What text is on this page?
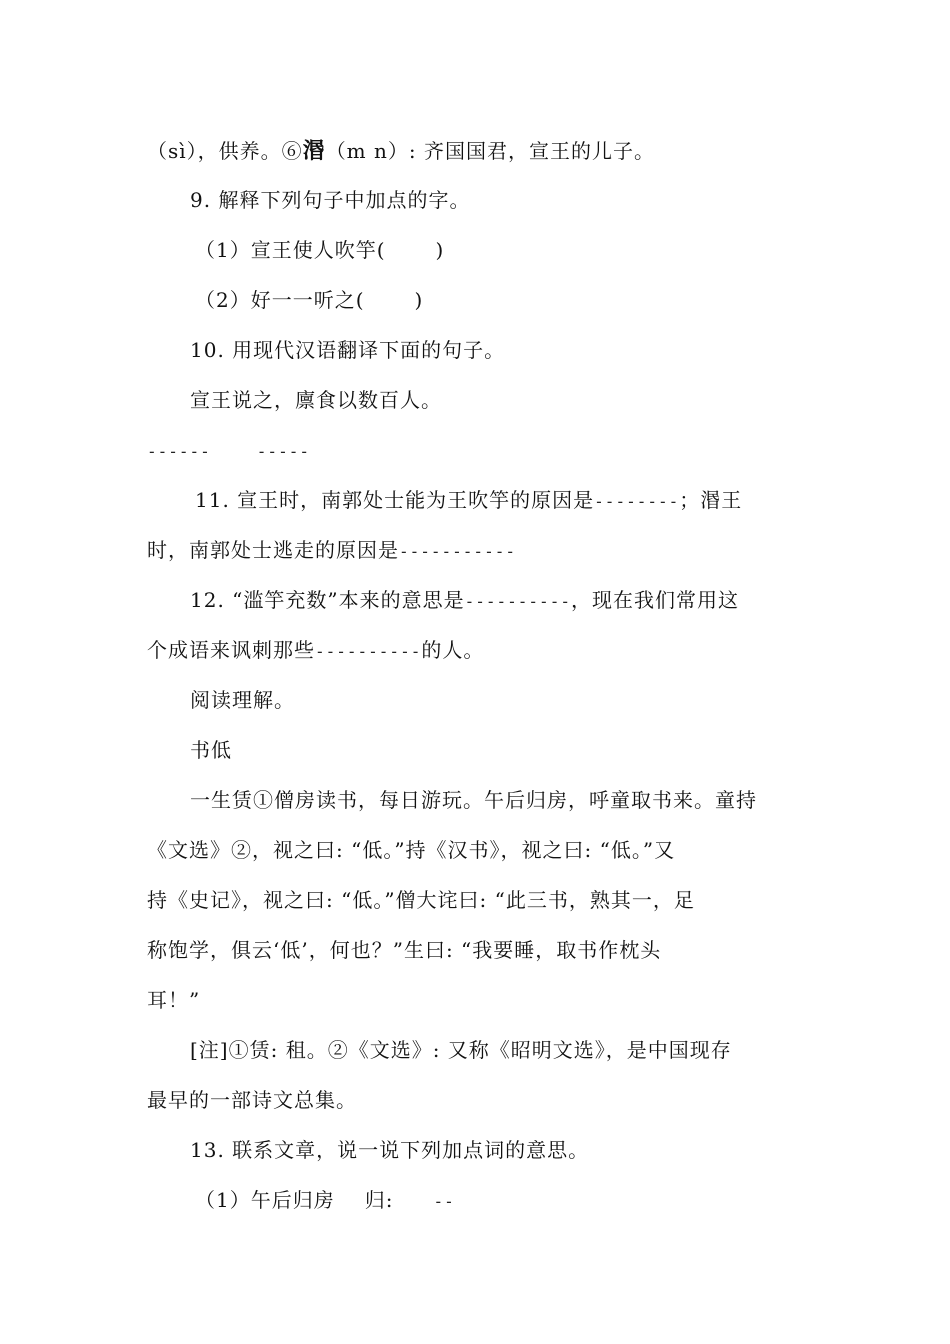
（sì），供养。⑥湣（m n）: 齐国国君，宣王的儿子。
9. 解释下列句子中加点的字。
（1）宣王使人吹竽(	)
（2）好一一听之(	)
10. 用现代汉语翻译下面的句子。
宣王说之，廪食以数百人。
------	-----
11. 宣王时，南郭处士能为王吹竽的原因是--------；湣王
时，南郭处士逃走的原因是-----------
12. “滥竽充数”本来的意思是----------，现在我们常用这
个成语来讽刺那些----------的人。
阅读理解。
书低
一生赁①僧房读书，每日游玩。午后归房，呼童取书来。童持
《文选》②，视之曰: “低。”持《汉书》，视之曰: “低。”又
持《史记》，视之曰: “低。”僧大诧曰: “此三书，熟其一，足
称饱学，俱云‘低’，何也？”生曰: “我要睡，取书作枕头
耳！”
[注]①赁: 租。②《文选》: 又称《昭明文选》，是中国现存
最早的一部诗文总集。
13. 联系文章，说一说下列加点词的意思。
（1）午后归房 归:	--
